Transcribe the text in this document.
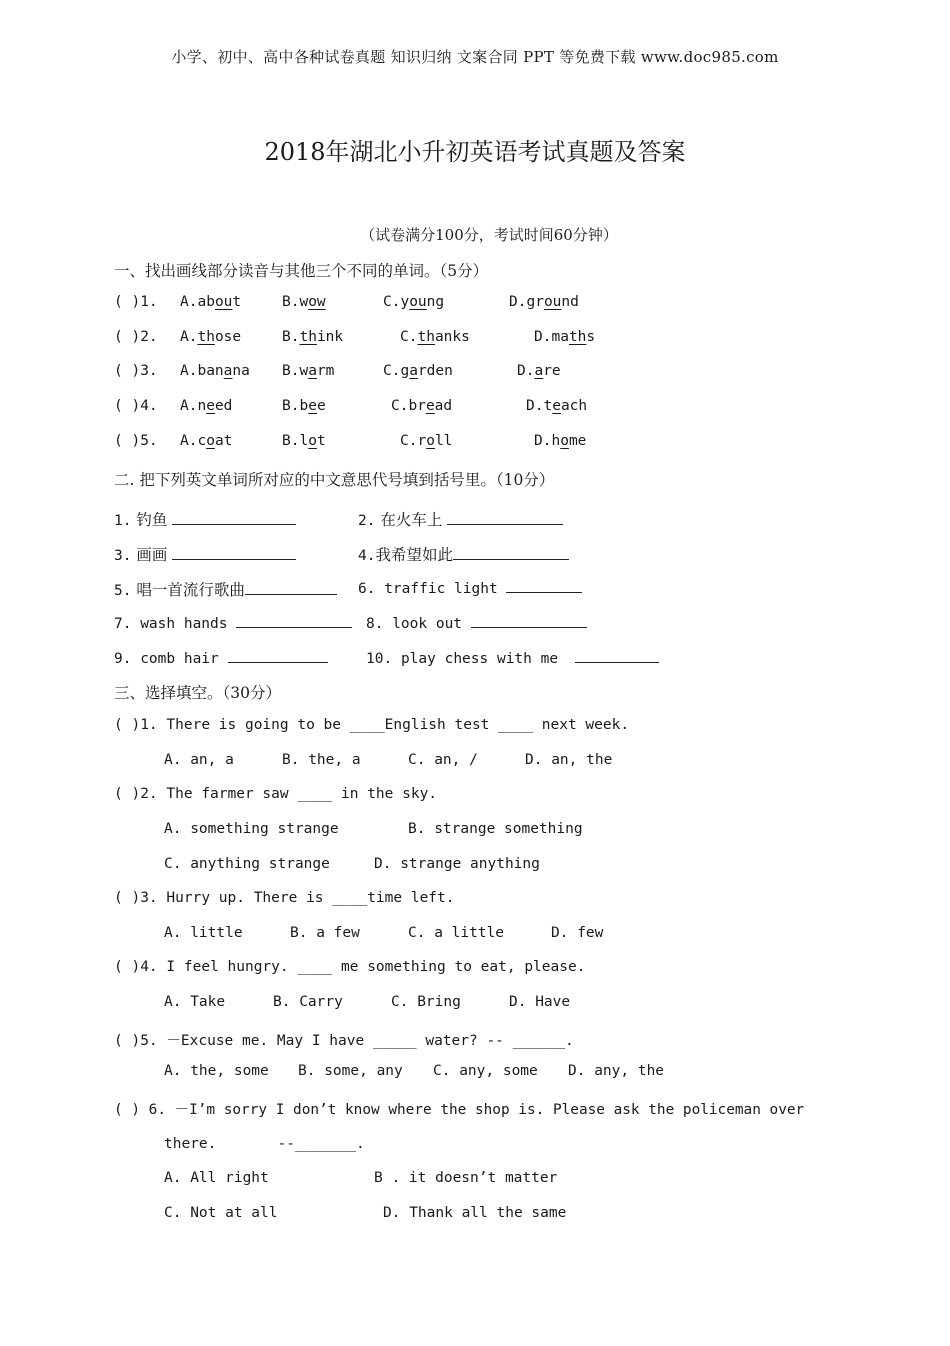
小学、初中、高中各种试卷真题 知识归纳 文案合同 PPT 等免费下载 www.doc985.com
2018年湖北小升初英语考试真题及答案
（试卷满分100分，考试时间60分钟）
一、找出画线部分读音与其他三个不同的单词。（5分）
( )1. A.about	B.wow	C.young	D.ground
( )2. A.those	B.think	C.thanks	D.maths
( )3. A.banana B.warm	C.garden	D.are
( )4. A.need	B.bee	C.bread	D.teach
( )5. A.coat	B.lot	C.roll	D.home
二. 把下列英文单词所对应的中文意思代号填到括号里。（10分）
1. 钓鱼	2. 在火车上
3. 画画	4.我希望如此
5. 唱一首流行歌曲	6. traffic light
7. wash hands	8. look out
9. comb hair	10. play chess with me
三、选择填空。（30分）
( )1. There is going to be ____English test ____ next week.
A. an, a	B. the, a	C. an, /	D. an, the
( )2. The farmer saw ____ in the sky.
A. something strange	B. strange something
C. anything strange	D. strange anything
( )3. Hurry up. There is ____time left.
A. little	B. a few	C. a little	D. few
( )4. I feel hungry. ____ me something to eat, please.
A. Take	B. Carry	C. Bring	D. Have
( )5. －Excuse me. May I have _____ water? -- ______.
A. the, some B. some, any C. any, some D. any, the
( ) 6. －I’m sorry I don’t know where the shop is. Please ask the policeman over
there.       --_______.
A. All right	B . it doesn’t matter
C. Not at all	D. Thank all the same
